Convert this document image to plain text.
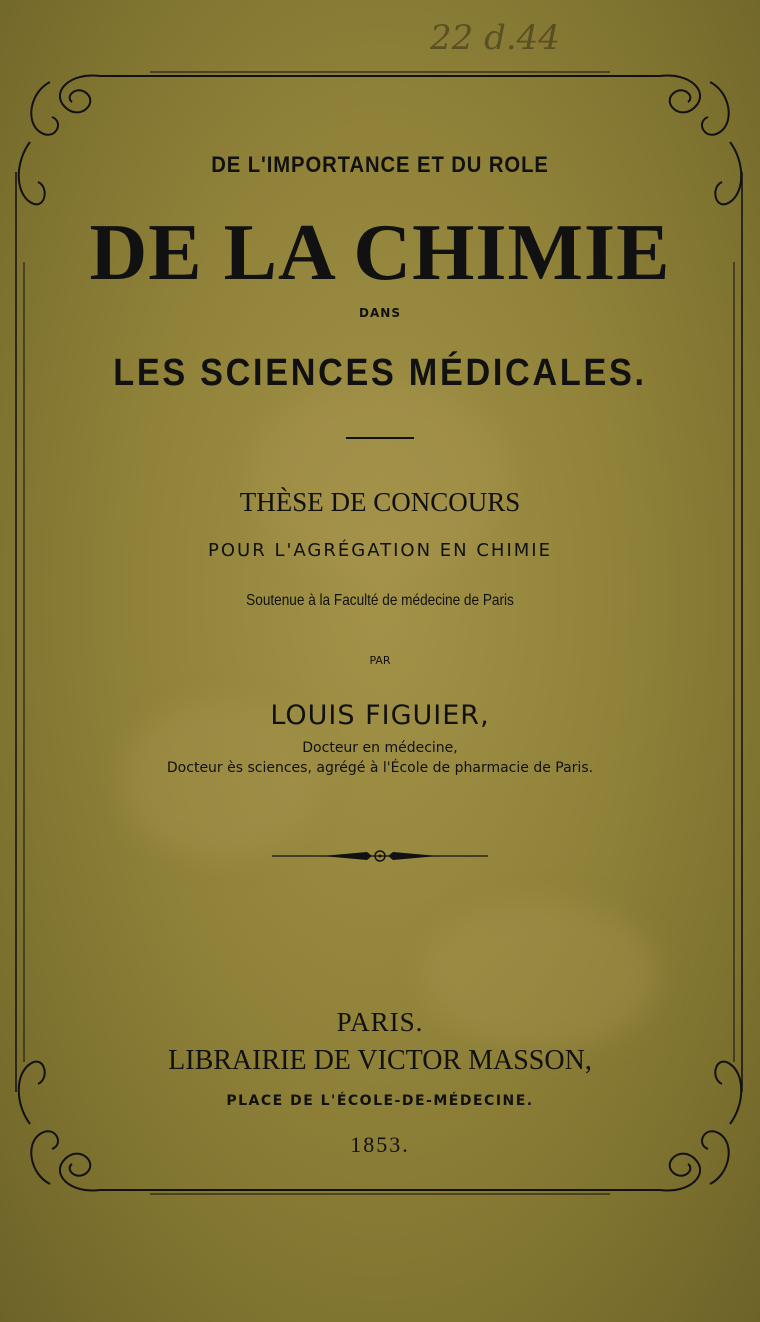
22 d.44
DE L'IMPORTANCE ET DU ROLE
DE LA CHIMIE
DANS
LES SCIENCES MÉDICALES.
THÈSE DE CONCOURS
POUR L'AGRÉGATION EN CHIMIE
Soutenue à la Faculté de médecine de Paris
PAR
LOUIS FIGUIER,
Docteur en médecine,
Docteur ès sciences, agrégé à l'École de pharmacie de Paris.
PARIS.
LIBRAIRIE DE VICTOR MASSON,
PLACE DE L'ÉCOLE-DE-MÉDECINE.
1853.
